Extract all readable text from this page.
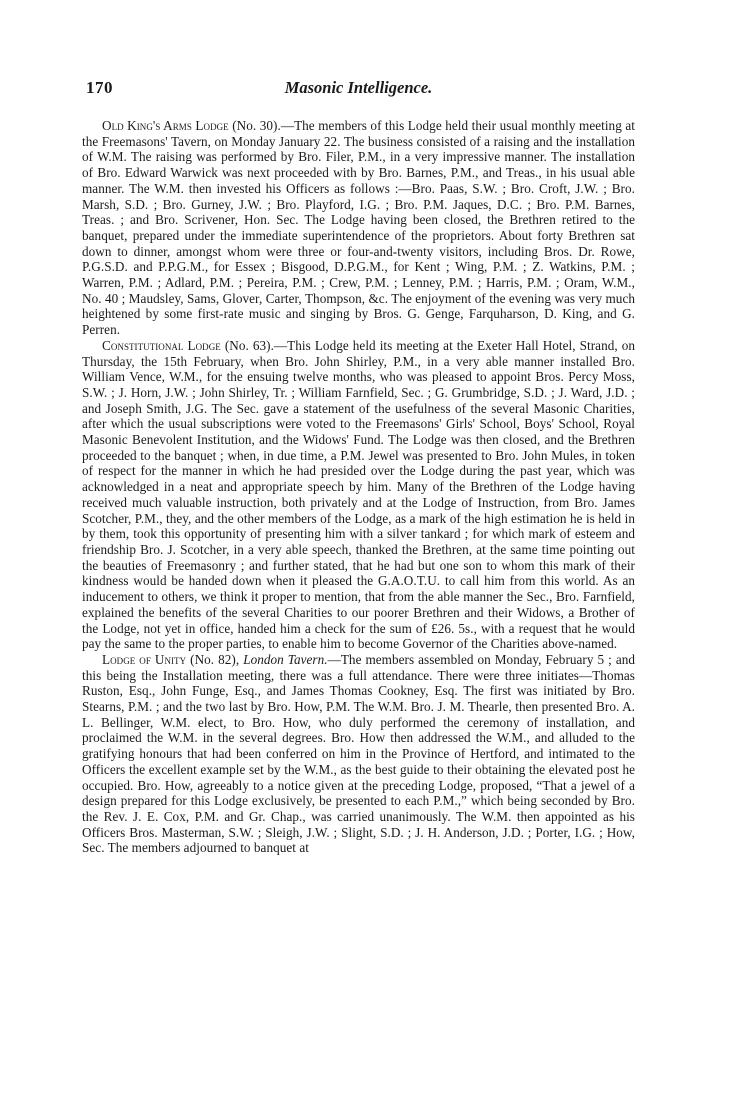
170	Masonic Intelligence.

Old King's Arms Lodge (No. 30).—The members of this Lodge held their usual monthly meeting at the Freemasons' Tavern, on Monday January 22. The business consisted of a raising and the installation of W.M. The raising was performed by Bro. Filer, P.M., in a very impressive manner. The installation of Bro. Edward Warwick was next proceeded with by Bro. Barnes, P.M., and Treas., in his usual able manner. The W.M. then invested his Officers as follows :—Bro. Paas, S.W. ; Bro. Croft, J.W. ; Bro. Marsh, S.D. ; Bro. Gurney, J.W. ; Bro. Playford, I.G. ; Bro. P.M. Jaques, D.C. ; Bro. P.M. Barnes, Treas. ; and Bro. Scrivener, Hon. Sec. The Lodge having been closed, the Brethren retired to the banquet, prepared under the immediate superintendence of the proprietors. About forty Brethren sat down to dinner, amongst whom were three or four-and-twenty visitors, including Bros. Dr. Rowe, P.G.S.D. and P.P.G.M., for Essex ; Bisgood, D.P.G.M., for Kent ; Wing, P.M. ; Z. Watkins, P.M. ; Warren, P.M. ; Adlard, P.M. ; Pereira, P.M. ; Crew, P.M. ; Lenney, P.M. ; Harris, P.M. ; Oram, W.M., No. 40 ; Maudsley, Sams, Glover, Carter, Thompson, &c. The enjoyment of the evening was very much heightened by some first-rate music and singing by Bros. G. Genge, Farquharson, D. King, and G. Perren.

Constitutional Lodge (No. 63).—This Lodge held its meeting at the Exeter Hall Hotel, Strand, on Thursday, the 15th February, when Bro. John Shirley, P.M., in a very able manner installed Bro. William Vence, W.M., for the ensuing twelve months, who was pleased to appoint Bros. Percy Moss, S.W. ; J. Horn, J.W. ; John Shirley, Tr. ; William Farnfield, Sec. ; G. Grumbridge, S.D. ; J. Ward, J.D. ; and Joseph Smith, J.G. The Sec. gave a statement of the usefulness of the several Masonic Charities, after which the usual subscriptions were voted to the Freemasons' Girls' School, Boys' School, Royal Masonic Benevolent Institution, and the Widows' Fund. The Lodge was then closed, and the Brethren proceeded to the banquet ; when, in due time, a P.M. Jewel was presented to Bro. John Mules, in token of respect for the manner in which he had presided over the Lodge during the past year, which was acknowledged in a neat and appropriate speech by him. Many of the Brethren of the Lodge having received much valuable instruction, both privately and at the Lodge of Instruction, from Bro. James Scotcher, P.M., they, and the other members of the Lodge, as a mark of the high estimation he is held in by them, took this opportunity of presenting him with a silver tankard ; for which mark of esteem and friendship Bro. J. Scotcher, in a very able speech, thanked the Brethren, at the same time pointing out the beauties of Freemasonry ; and further stated, that he had but one son to whom this mark of their kindness would be handed down when it pleased the G.A.O.T.U. to call him from this world. As an inducement to others, we think it proper to mention, that from the able manner the Sec., Bro. Farnfield, explained the benefits of the several Charities to our poorer Brethren and their Widows, a Brother of the Lodge, not yet in office, handed him a check for the sum of £26. 5s., with a request that he would pay the same to the proper parties, to enable him to become Governor of the Charities above-named.

Lodge of Unity (No. 82), London Tavern.—The members assembled on Monday, February 5 ; and this being the Installation meeting, there was a full attendance. There were three initiates—Thomas Ruston, Esq., John Funge, Esq., and James Thomas Cookney, Esq. The first was initiated by Bro. Stearns, P.M. ; and the two last by Bro. How, P.M. The W.M. Bro. J. M. Thearle, then presented Bro. A. L. Bellinger, W.M. elect, to Bro. How, who duly performed the ceremony of installation, and proclaimed the W.M. in the several degrees. Bro. How then addressed the W.M., and alluded to the gratifying honours that had been conferred on him in the Province of Hertford, and intimated to the Officers the excellent example set by the W.M., as the best guide to their obtaining the elevated post he occupied. Bro. How, agreeably to a notice given at the preceding Lodge, proposed, “That a jewel of a design prepared for this Lodge exclusively, be presented to each P.M.,” which being seconded by Bro. the Rev. J. E. Cox, P.M. and Gr. Chap., was carried unanimously. The W.M. then appointed as his Officers Bros. Masterman, S.W. ; Sleigh, J.W. ; Slight, S.D. ; J. H. Anderson, J.D. ; Porter, I.G. ; How, Sec. The members adjourned to banquet at
